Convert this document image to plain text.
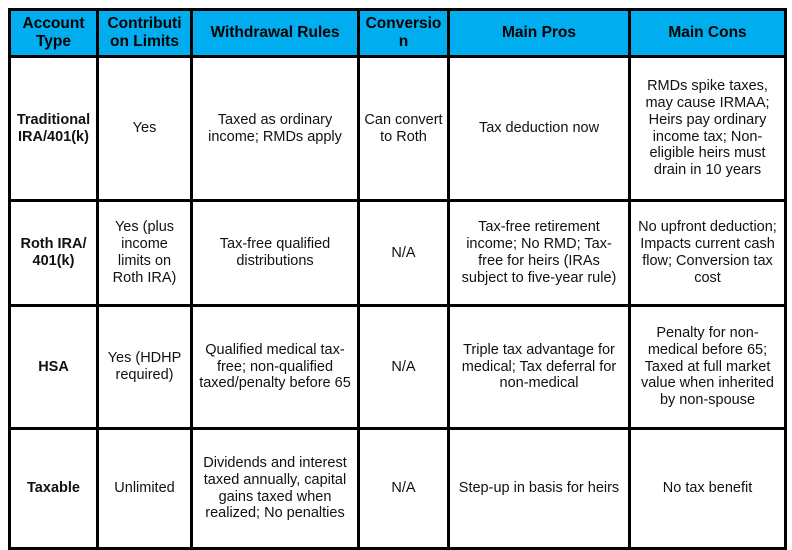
Account Type	Contribution Limits	Withdrawal Rules	Conversion	Main Pros	Main Cons
Traditional IRA/401(k)	Yes	Taxed as ordinary income; RMDs apply	Can convert to Roth	Tax deduction now	RMDs spike taxes, may cause IRMAA; Heirs pay ordinary income tax; Non-eligible heirs must drain in 10 years
Roth IRA/ 401(k)	Yes (plus income limits on Roth IRA)	Tax-free qualified distributions	N/A	Tax-free retirement income; No RMD; Tax-free for heirs (IRAs subject to five-year rule)	No upfront deduction; Impacts current cash flow; Conversion tax cost
HSA	Yes (HDHP required)	Qualified medical tax-free; non-qualified taxed/penalty before 65	N/A	Triple tax advantage for medical; Tax deferral for non-medical	Penalty for non-medical before 65; Taxed at full market value when inherited by non-spouse
Taxable	Unlimited	Dividends and interest taxed annually, capital gains taxed when realized; No penalties	N/A	Step-up in basis for heirs	No tax benefit
